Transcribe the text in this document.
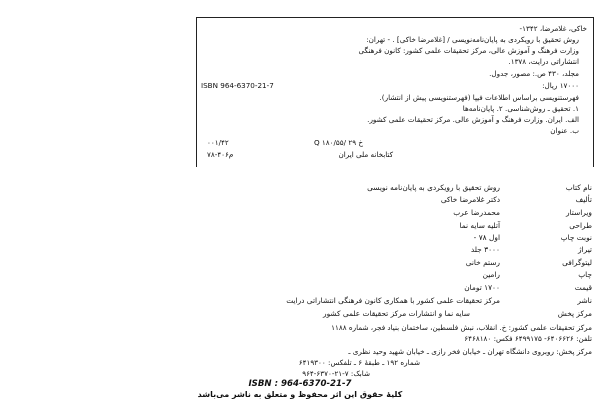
خاکی، غلامرضا، ۱۳۴۲-
روش تحقیق با رویکردی به پایان‌نامه‌نویسی / [غلامرضا خاکی] . - تهران:
وزارت فرهنگ و آموزش عالی، مرکز تحقیقات علمی کشور: کانون فرهنگی
انتشاراتی درایت، ۱۳۷۸.
مجلد، ۴۳۰ ص.: مصور، جدول.
۱۷۰۰۰ ریال:
ISBN 964-6370-21-7
فهرستنویسی براساس اطلاعات فیپا (فهرستنویسی پیش از انتشار).
۱. تحقیق ـ روش‌شناسی. ۲. پایان‌نامه‌ها
الف. ایران. وزارت فرهنگ و آموزش عالی. مرکز تحقیقات علمی کشور.
ب. عنوان
Q ۱۸۰/۵۵/ ۲خ ۹
۰۰۱/۴۲
کتابخانه ملی ایران
۷۸-۴۰۶م
نام کتاب
روش تحقیق با رویکردی به پایان‌نامه نویسی
تألیف
دکتر غلامرضا خاکی
ویراستار
محمدرضا عرب
طراحی
آتلیه سایه نما
نوبت چاپ
اول ۷۸ -
تیراژ
۳۰۰۰ جلد
لیتوگرافی
رستم خانی
چاپ
رامین
قیمت
۱۷۰۰ تومان
ناشر
مرکز تحقیقات علمی کشور با همکاری کانون فرهنگی انتشاراتی درایت
مرکز پخش
سایه نما و انتشارات مرکز تحقیقات علمی کشور
مرکز تحقیقات علمی کشور: خ. انقلاب، نبش فلسطین، ساختمان بنیاد فجر، شماره ۱۱۸۸
تلفن: ۶۴۰۶۶۲۶- ۶۴۹۹۱۷۵ فکس: ۶۴۶۸۱۸۰
مرکز پخش: روبروی دانشگاه تهران ـ خیابان فخر رازی ـ خیابان شهید وحید نظری ـ
شماره ۱۹۲ ـ طبقهٔ ۶ ـ تلفکس: ۶۴۱۹۳۰۰
شابک: ۷-۲۱-۶۳۷۰-۹۶۴
ISBN : 964-6370-21-7
کلیهٔ حقوق این اثر محفوظ و متعلق به ناشر می‌باشد
